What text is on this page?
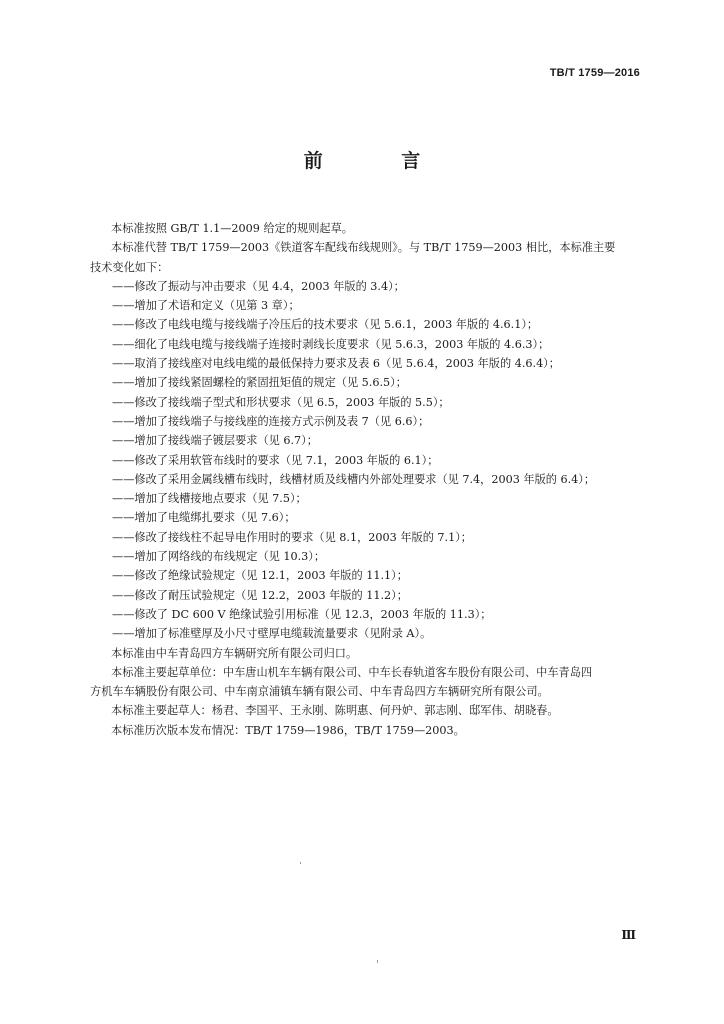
TB/T 1759—2016
前 言
本标准按照 GB/T 1.1—2009 给定的规则起草。
本标准代替 TB/T 1759—2003《铁道客车配线布线规则》。与 TB/T 1759—2003 相比，本标准主要
技术变化如下：
——修改了振动与冲击要求（见 4.4，2003 年版的 3.4）；
——增加了术语和定义（见第 3 章）；
——修改了电线电缆与接线端子冷压后的技术要求（见 5.6.1，2003 年版的 4.6.1）；
——细化了电线电缆与接线端子连接时剥线长度要求（见 5.6.3，2003 年版的 4.6.3）；
——取消了接线座对电线电缆的最低保持力要求及表 6（见 5.6.4，2003 年版的 4.6.4）；
——增加了接线紧固螺栓的紧固扭矩值的规定（见 5.6.5）；
——修改了接线端子型式和形状要求（见 6.5，2003 年版的 5.5）；
——增加了接线端子与接线座的连接方式示例及表 7（见 6.6）；
——增加了接线端子镀层要求（见 6.7）；
——修改了采用软管布线时的要求（见 7.1，2003 年版的 6.1）；
——修改了采用金属线槽布线时，线槽材质及线槽内外部处理要求（见 7.4，2003 年版的 6.4）；
——增加了线槽接地点要求（见 7.5）；
——增加了电缆绑扎要求（见 7.6）；
——修改了接线柱不起导电作用时的要求（见 8.1，2003 年版的 7.1）；
——增加了网络线的布线规定（见 10.3）；
——修改了绝缘试验规定（见 12.1，2003 年版的 11.1）；
——修改了耐压试验规定（见 12.2，2003 年版的 11.2）；
——修改了 DC 600 V 绝缘试验引用标准（见 12.3，2003 年版的 11.3）；
——增加了标准壁厚及小尺寸壁厚电缆载流量要求（见附录 A）。
本标准由中车青岛四方车辆研究所有限公司归口。
本标准主要起草单位：中车唐山机车车辆有限公司、中车长春轨道客车股份有限公司、中车青岛四
方机车车辆股份有限公司、中车南京浦镇车辆有限公司、中车青岛四方车辆研究所有限公司。
本标准主要起草人：杨君、李国平、王永刚、陈明惠、何丹妒、郭志刚、邸军伟、胡晓春。
本标准历次版本发布情况：TB/T 1759—1986，TB/T 1759—2003。
Ⅲ
